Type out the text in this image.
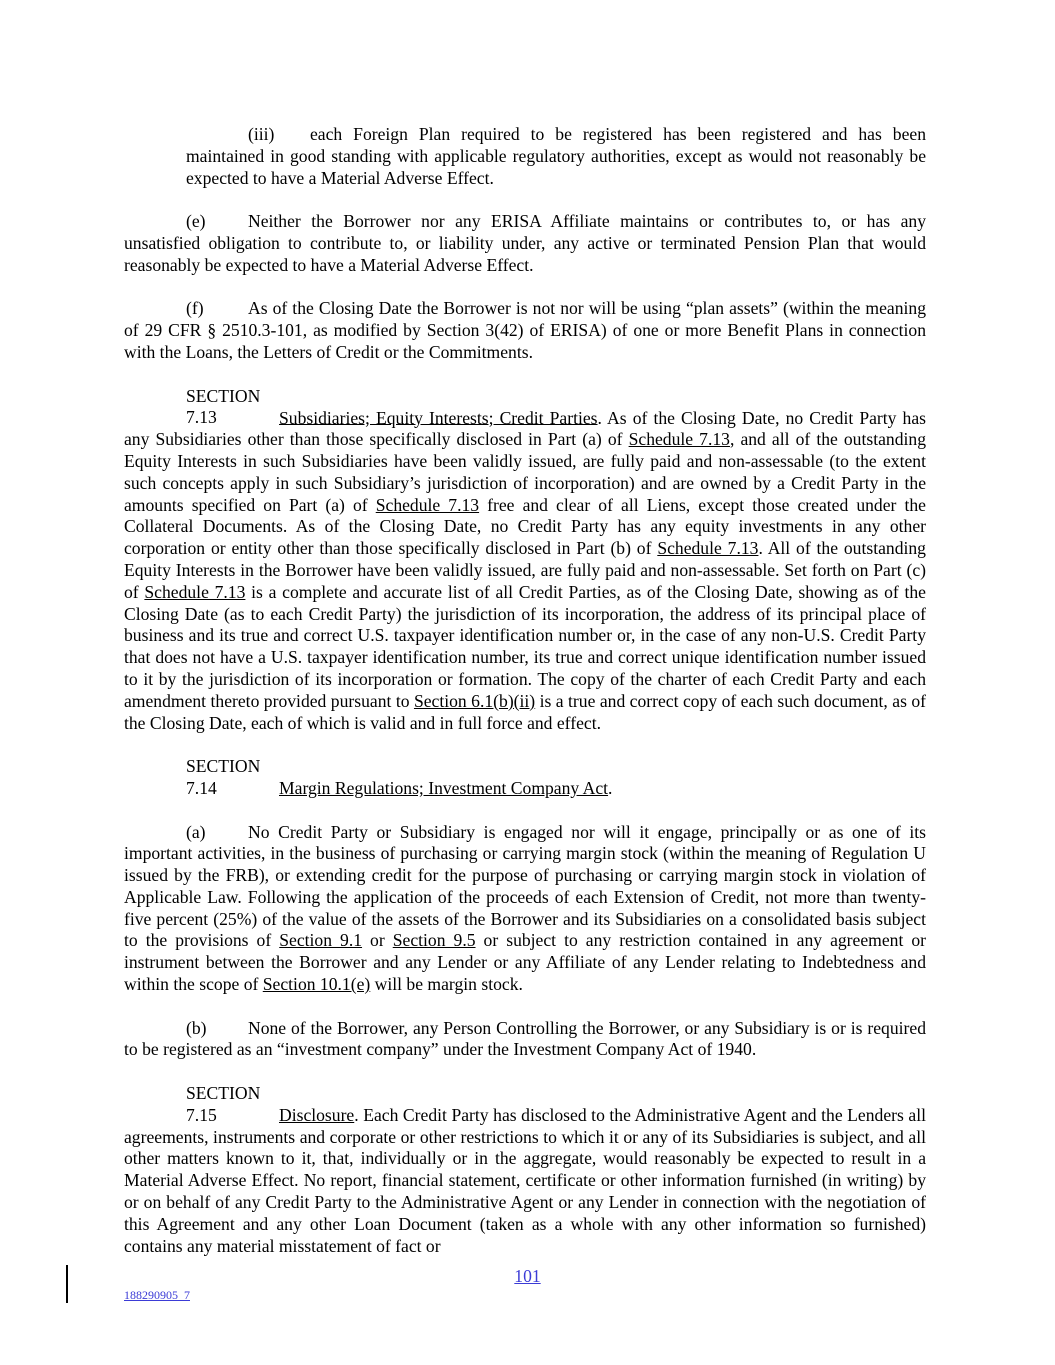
(iii) each Foreign Plan required to be registered has been registered and has been maintained in good standing with applicable regulatory authorities, except as would not reasonably be expected to have a Material Adverse Effect.

(e) Neither the Borrower nor any ERISA Affiliate maintains or contributes to, or has any unsatisfied obligation to contribute to, or liability under, any active or terminated Pension Plan that would reasonably be expected to have a Material Adverse Effect.

(f)	As of the Closing Date the Borrower is not nor will be using “plan assets” (within the meaning of 29 CFR § 2510.3-101, as modified by Section 3(42) of ERISA) of one or more Benefit Plans in connection with the Loans, the Letters of Credit or the Commitments.

SECTION 7.13	Subsidiaries; Equity Interests; Credit Parties. As of the Closing Date, no Credit Party has any Subsidiaries other than those specifically disclosed in Part (a) of Schedule 7.13, and all of the outstanding Equity Interests in such Subsidiaries have been validly issued, are fully paid and non-assessable (to the extent such concepts apply in such Subsidiary’s jurisdiction of incorporation) and are owned by a Credit Party in the amounts specified on Part (a) of Schedule 7.13 free and clear of all Liens, except those created under the Collateral Documents. As of the Closing Date, no Credit Party has any equity investments in any other corporation or entity other than those specifically disclosed in Part (b) of Schedule 7.13. All of the outstanding Equity Interests in the Borrower have been validly issued, are fully paid and non-assessable. Set forth on Part (c) of Schedule 7.13 is a complete and accurate list of all Credit Parties, as of the Closing Date, showing as of the Closing Date (as to each Credit Party) the jurisdiction of its incorporation, the address of its principal place of business and its true and correct U.S. taxpayer identification number or, in the case of any non-U.S. Credit Party that does not have a U.S. taxpayer identification number, its true and correct unique identification number issued to it by the jurisdiction of its incorporation or formation. The copy of the charter of each Credit Party and each amendment thereto provided pursuant to Section 6.1(b)(ii) is a true and correct copy of each such document, as of the Closing Date, each of which is valid and in full force and effect.

SECTION 7.14	Margin Regulations; Investment Company Act.

(a) No Credit Party or Subsidiary is engaged nor will it engage, principally or as one of its important activities, in the business of purchasing or carrying margin stock (within the meaning of Regulation U issued by the FRB), or extending credit for the purpose of purchasing or carrying margin stock in violation of Applicable Law. Following the application of the proceeds of each Extension of Credit, not more than twenty-five percent (25%) of the value of the assets of the Borrower and its Subsidiaries on a consolidated basis subject to the provisions of Section 9.1 or Section 9.5 or subject to any restriction contained in any agreement or instrument between the Borrower and any Lender or any Affiliate of any Lender relating to Indebtedness and within the scope of Section 10.1(e) will be margin stock.

(b) None of the Borrower, any Person Controlling the Borrower, or any Subsidiary is or is required to be registered as an “investment company” under the Investment Company Act of 1940.

SECTION 7.15	Disclosure. Each Credit Party has disclosed to the Administrative Agent and the Lenders all agreements, instruments and corporate or other restrictions to which it or any of its Subsidiaries is subject, and all other matters known to it, that, individually or in the aggregate, would reasonably be expected to result in a Material Adverse Effect. No report, financial statement, certificate or other information furnished (in writing) by or on behalf of any Credit Party to the Administrative Agent or any Lender in connection with the negotiation of this Agreement and any other Loan Document (taken as a whole with any other information so furnished) contains any material misstatement of fact or

101
188290905_7
